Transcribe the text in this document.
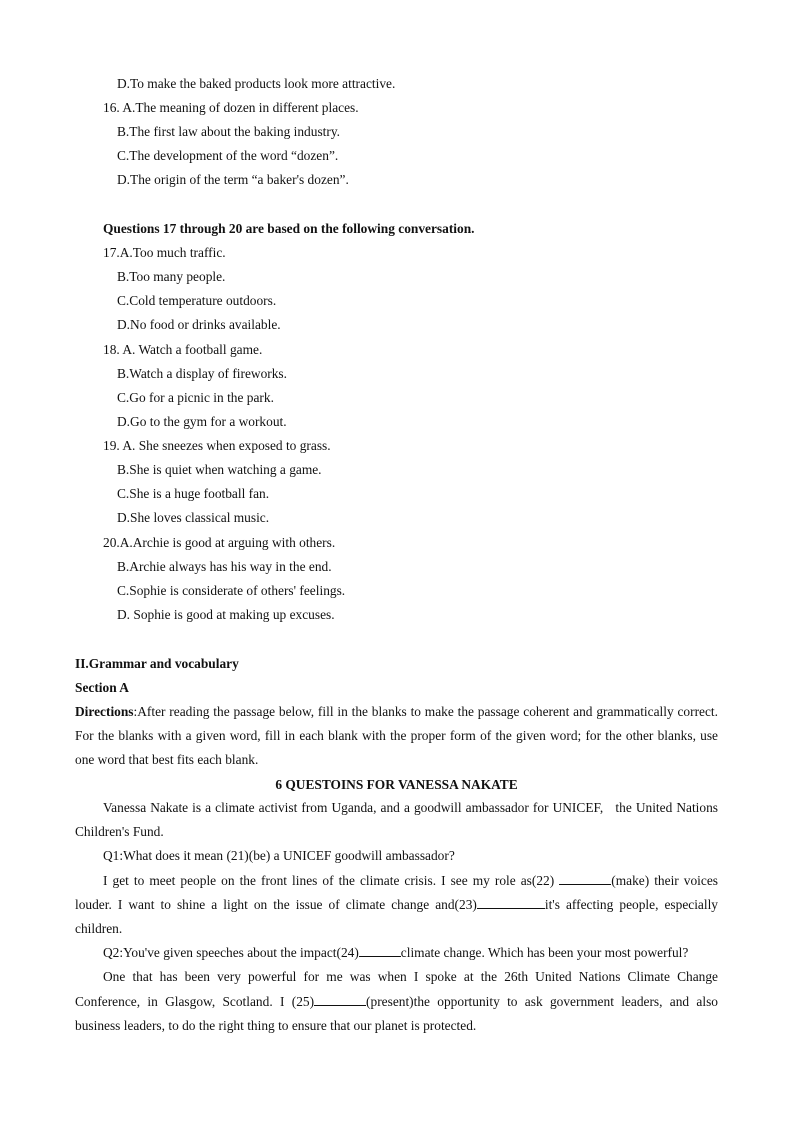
D.To make the baked products look more attractive.
16. A.The meaning of dozen in different places.
B.The first law about the baking industry.
C.The development of the word “dozen”.
D.The origin of the term “a baker's dozen”.
Questions 17 through 20 are based on the following conversation.
17.A.Too much traffic.
B.Too many people.
C.Cold temperature outdoors.
D.No food or drinks available.
18. A. Watch a football game.
B.Watch a display of fireworks.
C.Go for a picnic in the park.
D.Go to the gym for a workout.
19. A. She sneezes when exposed to grass.
B.She is quiet when watching a game.
C.She is a huge football fan.
D.She loves classical music.
20.A.Archie is good at arguing with others.
B.Archie always has his way in the end.
C.Sophie is considerate of others' feelings.
D. Sophie is good at making up excuses.
II.Grammar and vocabulary
Section A

Directions:After reading the passage below, fill in the blanks to make the passage coherent and grammatically correct. For the blanks with a given word, fill in each blank with the proper form of the given word; for the other blanks, use one word that best fits each blank.

6 QUESTOINS FOR VANESSA NAKATE

Vanessa Nakate is a climate activist from Uganda, and a goodwill ambassador for UNICEF,   the United Nations Children's Fund.

Q1:What does it mean (21)(be) a UNICEF goodwill ambassador?

I get to meet people on the front lines of the climate crisis. I see my role as(22)	(make) their voices louder. I want to shine a light on the issue of climate change and(23)	it's affecting people, especially children.

Q2:You've given speeches about the impact(24)	climate change. Which has been your most powerful?

One that has been very powerful for me was when I spoke at the 26th United Nations Climate Change Conference, in Glasgow, Scotland. I (25)	(present)the opportunity to ask government leaders, and also business leaders, to do the right thing to ensure that our planet is protected.
